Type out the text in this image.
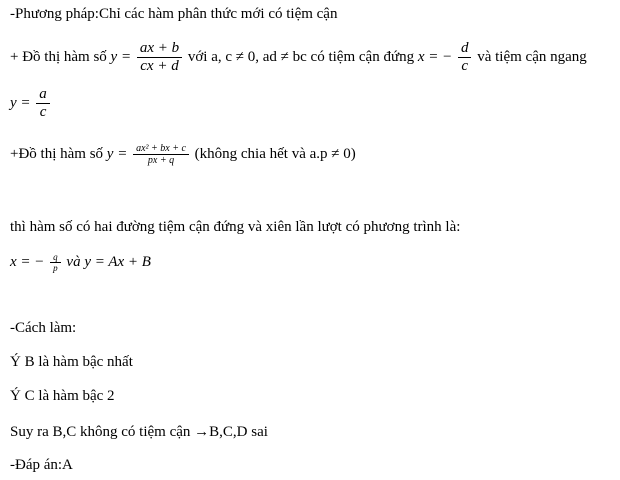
-Phương pháp:Chỉ các hàm phân thức mới có tiệm cận
+ Đồ thị hàm số $y = \frac{ax + b}{cx + d}$ với a, c ≠ 0, ad ≠ bc có tiệm cận đứng x = − $\frac{d}{c}$ và tiệm cận ngang
$y = \frac{a}{c}$
+Đồ thị hàm số $y = \frac{\text{ax² + bx + c}}{px + q}$ (không chia hết và a.p ≠ 0)
thì hàm số có hai đường tiệm cận đứng và xiên lần lượt có phương trình là:
x = − $\frac{q}{p}$ và y = Ax + B
-Cách làm:
Ý B là hàm bậc nhất
Ý C là hàm bậc 2
Suy ra B,C không có tiệm cận →B,C,D sai
-Đáp án:A
